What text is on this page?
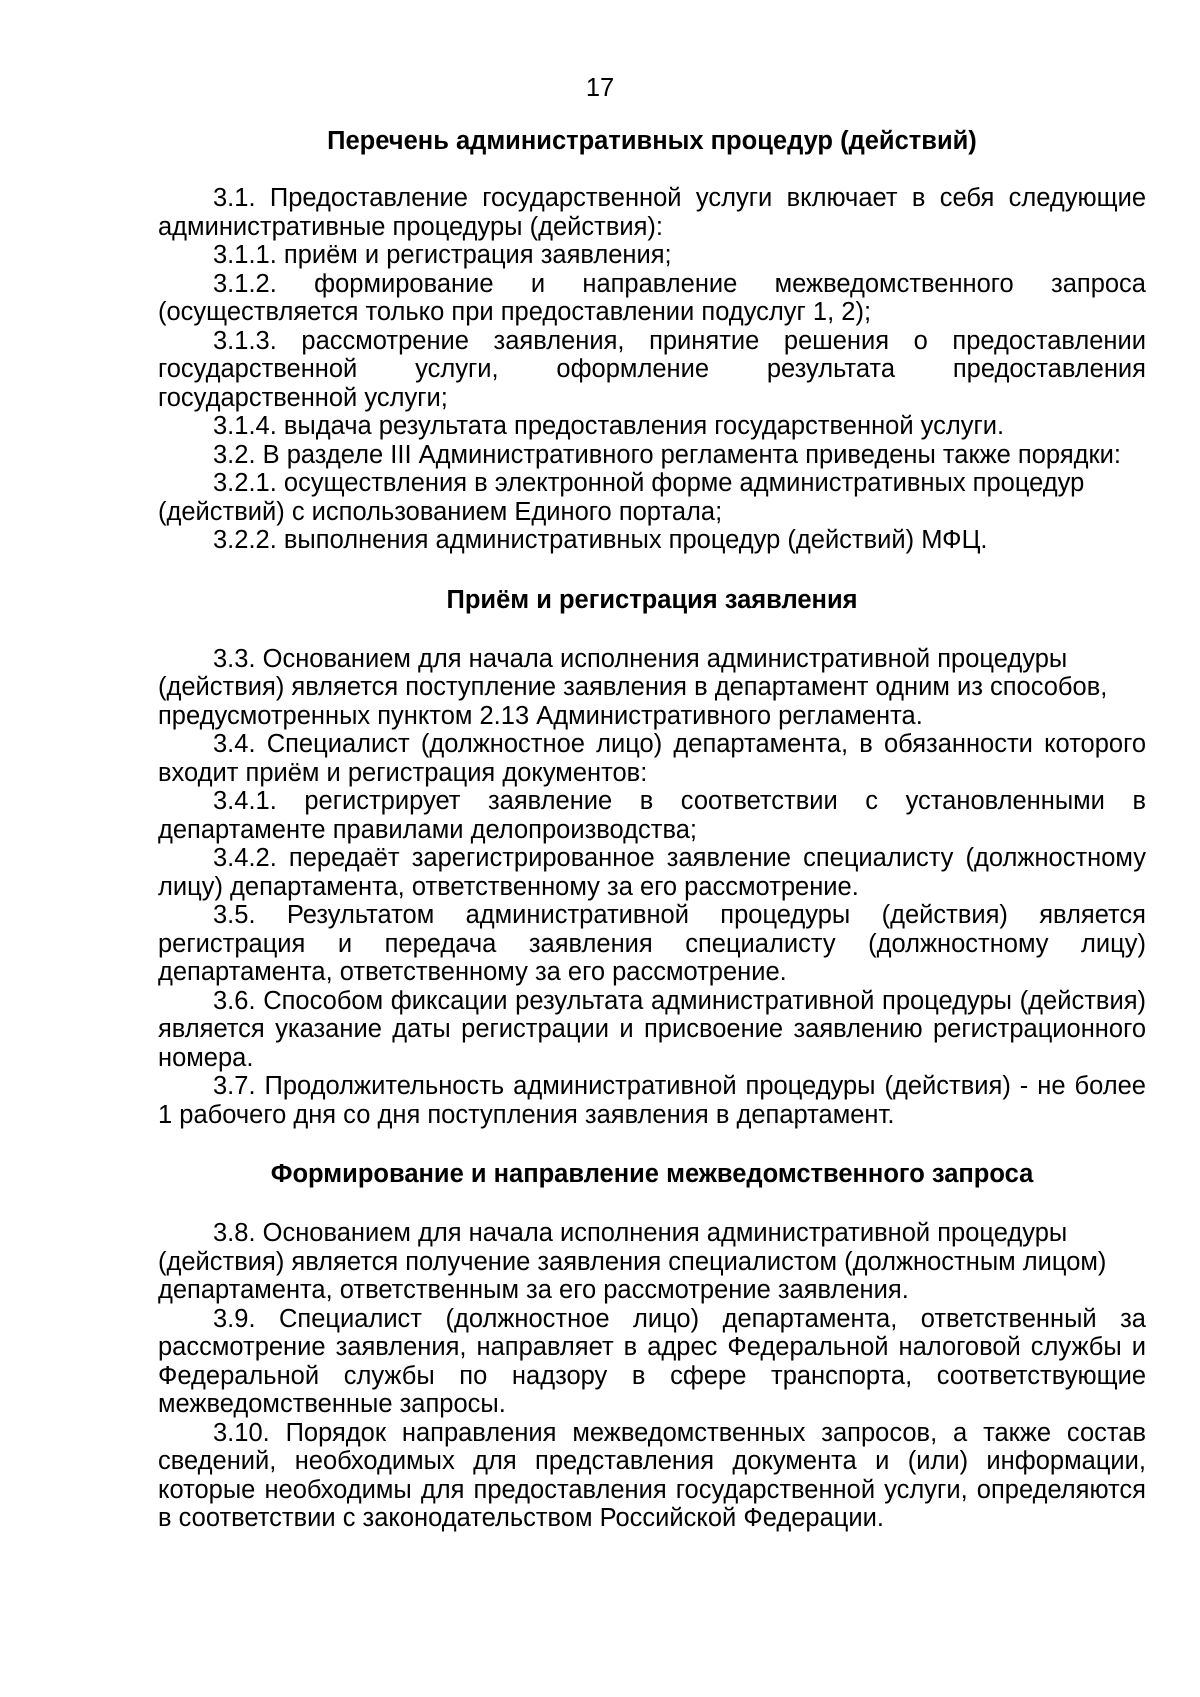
17
Перечень административных процедур (действий)

3.1. Предоставление государственной услуги включает в себя следующие административные процедуры (действия):

3.1.1. приём и регистрация заявления;

3.1.2. формирование и направление межведомственного запроса (осуществляется только при предоставлении подуслуг 1, 2);

3.1.3. рассмотрение заявления, принятие решения о предоставлении государственной услуги, оформление результата предоставления государственной услуги;

3.1.4. выдача результата предоставления государственной услуги.

3.2. В разделе III Административного регламента приведены также порядки:

3.2.1. осуществления в электронной форме административных процедур (действий) с использованием Единого портала;

3.2.2. выполнения административных процедур (действий) МФЦ.

Приём и регистрация заявления

3.3. Основанием для начала исполнения административной процедуры (действия) является поступление заявления в департамент одним из способов, предусмотренных пунктом 2.13 Административного регламента.

3.4. Специалист (должностное лицо) департамента, в обязанности которого входит приём и регистрация документов:

3.4.1. регистрирует заявление в соответствии с установленными в департаменте правилами делопроизводства;

3.4.2. передаёт зарегистрированное заявление специалисту (должностному лицу) департамента, ответственному за его рассмотрение.

3.5. Результатом административной процедуры (действия) является регистрация и передача заявления специалисту (должностному лицу) департамента, ответственному за его рассмотрение.

3.6. Способом фиксации результата административной процедуры (действия) является указание даты регистрации и присвоение заявлению регистрационного номера.

3.7. Продолжительность административной процедуры (действия) - не более 1 рабочего дня со дня поступления заявления в департамент.

Формирование и направление межведомственного запроса

3.8. Основанием для начала исполнения административной процедуры (действия) является получение заявления специалистом (должностным лицом) департамента, ответственным за его рассмотрение заявления.

3.9. Специалист (должностное лицо) департамента, ответственный за рассмотрение заявления, направляет в адрес Федеральной налоговой службы и Федеральной службы по надзору в сфере транспорта, соответствующие межведомственные запросы.

3.10. Порядок направления межведомственных запросов, а также состав сведений, необходимых для представления документа и (или) информации, которые необходимы для предоставления государственной услуги, определяются в соответствии с законодательством Российской Федерации.
